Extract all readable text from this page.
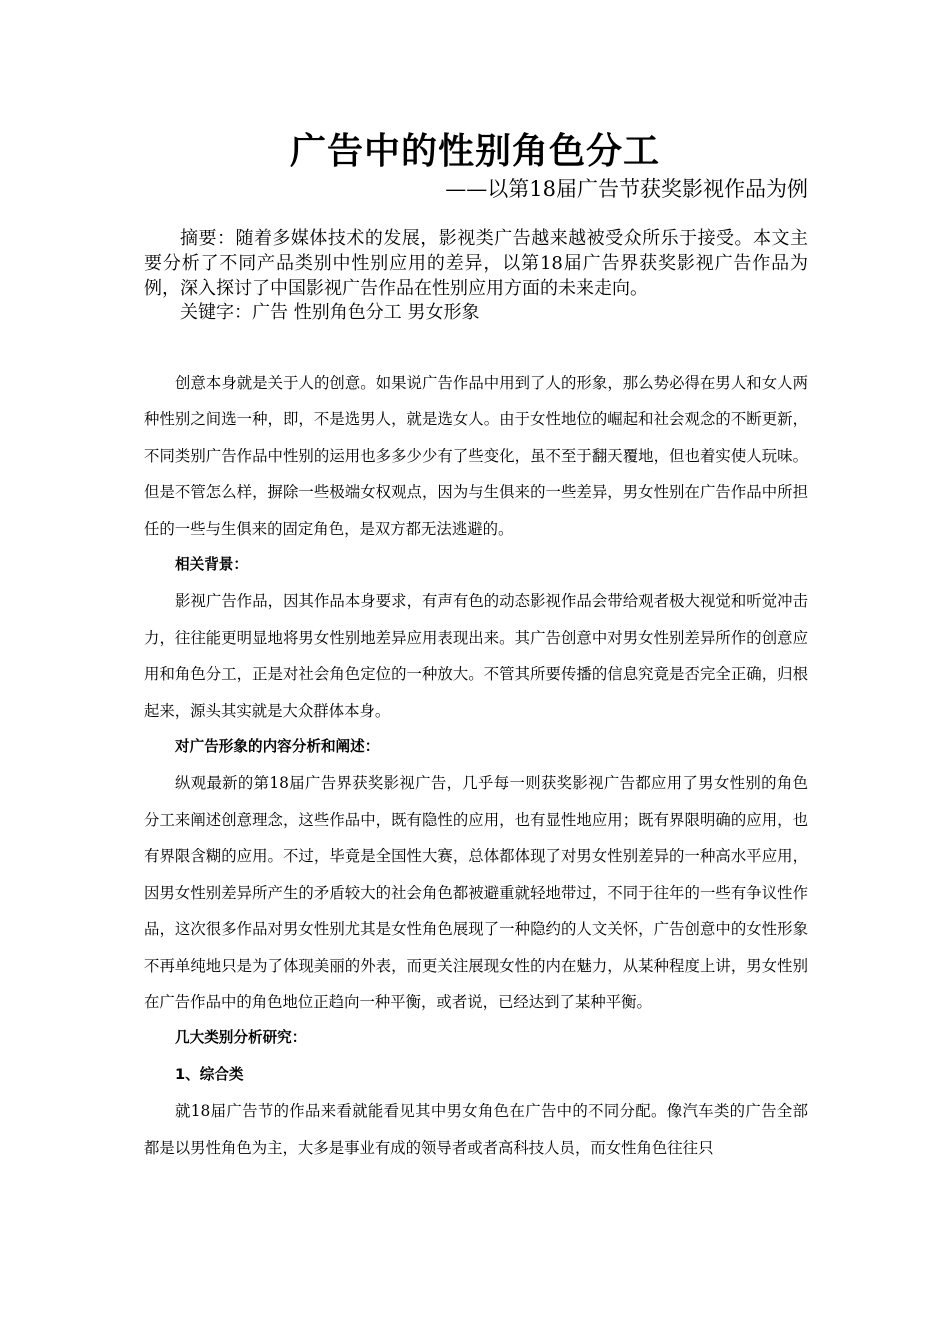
广告中的性别角色分工
——以第18届广告节获奖影视作品为例

摘要：随着多媒体技术的发展，影视类广告越来越被受众所乐于接受。本文主要分析了不同产品类别中性别应用的差异，以第18届广告界获奖影视广告作品为例，深入探讨了中国影视广告作品在性别应用方面的未来走向。

关键字：广告 性别角色分工 男女形象

创意本身就是关于人的创意。如果说广告作品中用到了人的形象，那么势必得在男人和女人两种性别之间选一种，即，不是选男人，就是选女人。由于女性地位的崛起和社会观念的不断更新，不同类别广告作品中性别的运用也多多少少有了些变化，虽不至于翻天覆地，但也着实使人玩味。但是不管怎么样，摒除一些极端女权观点，因为与生俱来的一些差异，男女性别在广告作品中所担任的一些与生俱来的固定角色，是双方都无法逃避的。

相关背景：

影视广告作品，因其作品本身要求，有声有色的动态影视作品会带给观者极大视觉和听觉冲击力，往往能更明显地将男女性别地差异应用表现出来。其广告创意中对男女性别差异所作的创意应用和角色分工，正是对社会角色定位的一种放大。不管其所要传播的信息究竟是否完全正确，归根起来，源头其实就是大众群体本身。

对广告形象的内容分析和阐述：

纵观最新的第18届广告界获奖影视广告，几乎每一则获奖影视广告都应用了男女性别的角色分工来阐述创意理念，这些作品中，既有隐性的应用，也有显性地应用；既有界限明确的应用，也有界限含糊的应用。不过，毕竟是全国性大赛，总体都体现了对男女性别差异的一种高水平应用，因男女性别差异所产生的矛盾较大的社会角色都被避重就轻地带过，不同于往年的一些有争议性作品，这次很多作品对男女性别尤其是女性角色展现了一种隐约的人文关怀，广告创意中的女性形象不再单纯地只是为了体现美丽的外表，而更关注展现女性的内在魅力，从某种程度上讲，男女性别在广告作品中的角色地位正趋向一种平衡，或者说，已经达到了某种平衡。

几大类别分析研究：
1、综合类

就18届广告节的作品来看就能看见其中男女角色在广告中的不同分配。像汽车类的广告全部都是以男性角色为主，大多是事业有成的领导者或者高科技人员，而女性角色往往只
